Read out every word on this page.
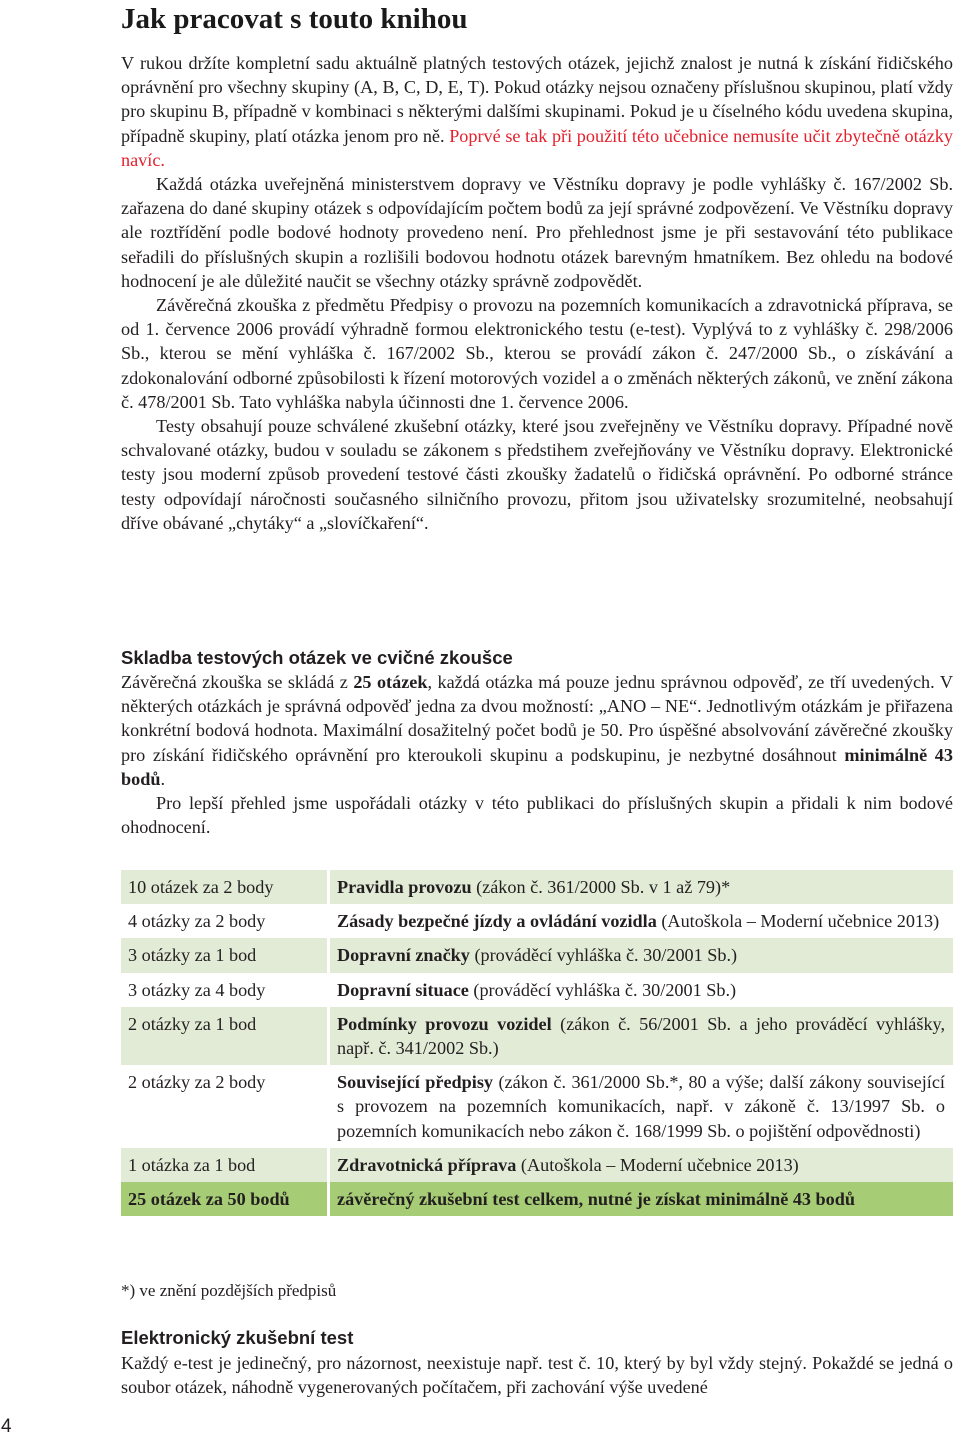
Jak pracovat s touto knihou

V rukou držíte kompletní sadu aktuálně platných testových otázek, jejichž znalost je nutná k získání řidičského oprávnění pro všechny skupiny (A, B, C, D, E, T). Pokud otázky nejsou označeny příslušnou skupinou, platí vždy pro skupinu B, případně v kombinaci s některými dalšími skupinami. Pokud je u číselného kódu uvedena skupina, případně skupiny, platí otázka jenom pro ně. Poprvé se tak při použití této učebnice nemusíte učit zbytečně otázky navíc.

Každá otázka uveřejněná ministerstvem dopravy ve Věstníku dopravy je podle vyhlášky č. 167/2002 Sb. zařazena do dané skupiny otázek s odpovídajícím počtem bodů za její správné zodpovězení. Ve Věstníku dopravy ale roztřídění podle bodové hodnoty provedeno není. Pro přehlednost jsme je při sestavování této publikace seřadili do příslušných skupin a rozlišili bodovou hodnotu otázek barevným hmatníkem. Bez ohledu na bodové hodnocení je ale důležité naučit se všechny otázky správně zodpovědět.

Závěrečná zkouška z předmětu Předpisy o provozu na pozemních komunikacích a zdravotnická příprava, se od 1. července 2006 provádí výhradně formou elektronického testu (e-test). Vyplývá to z vyhlášky č. 298/2006 Sb., kterou se mění vyhláška č. 167/2002 Sb., kterou se provádí zákon č. 247/2000 Sb., o získávání a zdokonalování odborné způsobilosti k řízení motorových vozidel a o změnách některých zákonů, ve znění zákona č. 478/2001 Sb. Tato vyhláška nabyla účinnosti dne 1. července 2006.

Testy obsahují pouze schválené zkušební otázky, které jsou zveřejněny ve Věstníku dopravy. Případné nově schvalované otázky, budou v souladu se zákonem s předstihem zveřejňovány ve Věstníku dopravy. Elektronické testy jsou moderní způsob provedení testové části zkoušky žadatelů o řidičská oprávnění. Po odborné stránce testy odpovídají náročnosti současného silničního provozu, přitom jsou uživatelsky srozumitelné, neobsahují dříve obávané „chytáky“ a „slovíčkaření“.

Skladba testových otázek ve cvičné zkoušce

Závěrečná zkouška se skládá z 25 otázek, každá otázka má pouze jednu správnou odpověď, ze tří uvedených. V některých otázkách je správná odpověď jedna za dvou možností: „ANO – NE“. Jednotlivým otázkám je přiřazena konkrétní bodová hodnota. Maximální dosažitelný počet bodů je 50. Pro úspěšné absolvování závěrečné zkoušky pro získání řidičského oprávnění pro kteroukoli skupinu a podskupinu, je nezbytné dosáhnout minimálně 43 bodů.

Pro lepší přehled jsme uspořádali otázky v této publikaci do příslušných skupin a přidali k nim bodové ohodnocení.

Elektronický zkušební test

Každý e-test je jedinečný, pro názornost, neexistuje např. test č. 10, který by byl vždy stejný. Pokaždé se jedná o soubor otázek, náhodně vygenerovaných počítačem, při zachování výše uvedené

10 otázek za 2 body	Pravidla provozu (zákon č. 361/2000 Sb. v 1 až 79)*
4 otázky za 2 body	Zásady bezpečné jízdy a ovládání vozidla (Autoškola – Moderní učebnice 2013)
3 otázky za 1 bod	Dopravní značky (prováděcí vyhláška č. 30/2001 Sb.)
3 otázky za 4 body	Dopravní situace (prováděcí vyhláška č. 30/2001 Sb.)
2 otázky za 1 bod	Podmínky provozu vozidel (zákon č. 56/2001 Sb. a jeho prováděcí vyhlášky, např. č. 341/2002 Sb.)
2 otázky za 2 body	Související předpisy (zákon č. 361/2000 Sb.*, 80 a výše; další zákony související s provozem na pozemních komunikacích, např. v zákoně č. 13/1997 Sb. o pozemních komunikacích nebo zákon č. 168/1999 Sb. o pojištění odpovědnosti)
1 otázka za 1 bod	Zdravotnická příprava (Autoškola – Moderní učebnice 2013)
25 otázek za 50 bodů	závěrečný zkušební test celkem, nutné je získat minimálně 43 bodů
*) ve znění pozdějších předpisů
4
